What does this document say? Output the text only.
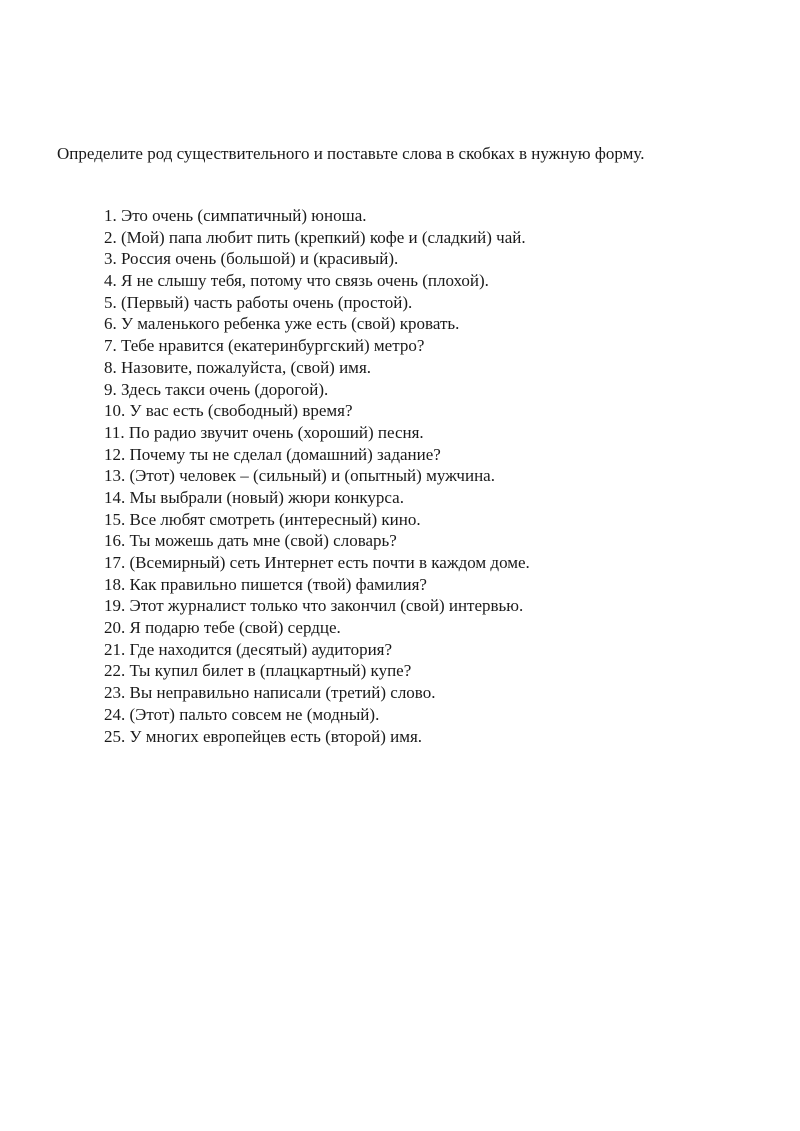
Определите род существительного и поставьте слова в скобках в нужную форму.

1. Это очень (симпатичный) юноша.
2. (Мой) папа любит пить (крепкий) кофе и (сладкий) чай.
3. Россия очень (большой) и (красивый).
4. Я не слышу тебя, потому что связь очень (плохой).
5. (Первый) часть работы очень (простой).
6. У маленького ребенка уже есть (свой) кровать.
7. Тебе нравится (екатеринбургский) метро?
8. Назовите, пожалуйста, (свой) имя.
9. Здесь такси очень (дорогой).
10. У вас есть (свободный) время?
11. По радио звучит очень (хороший) песня.
12. Почему ты не сделал (домашний) задание?
13. (Этот) человек – (сильный) и (опытный) мужчина.
14. Мы выбрали (новый) жюри конкурса.
15. Все любят смотреть (интересный) кино.
16. Ты можешь дать мне (свой) словарь?
17. (Всемирный) сеть Интернет есть почти в каждом доме.
18. Как правильно пишется (твой) фамилия?
19. Этот журналист только что закончил (свой) интервью.
20. Я подарю тебе (свой) сердце.
21. Где находится (десятый) аудитория?
22. Ты купил билет в (плацкартный) купе?
23. Вы неправильно написали (третий) слово.
24. (Этот) пальто совсем не (модный).
25. У многих европейцев есть (второй) имя.
